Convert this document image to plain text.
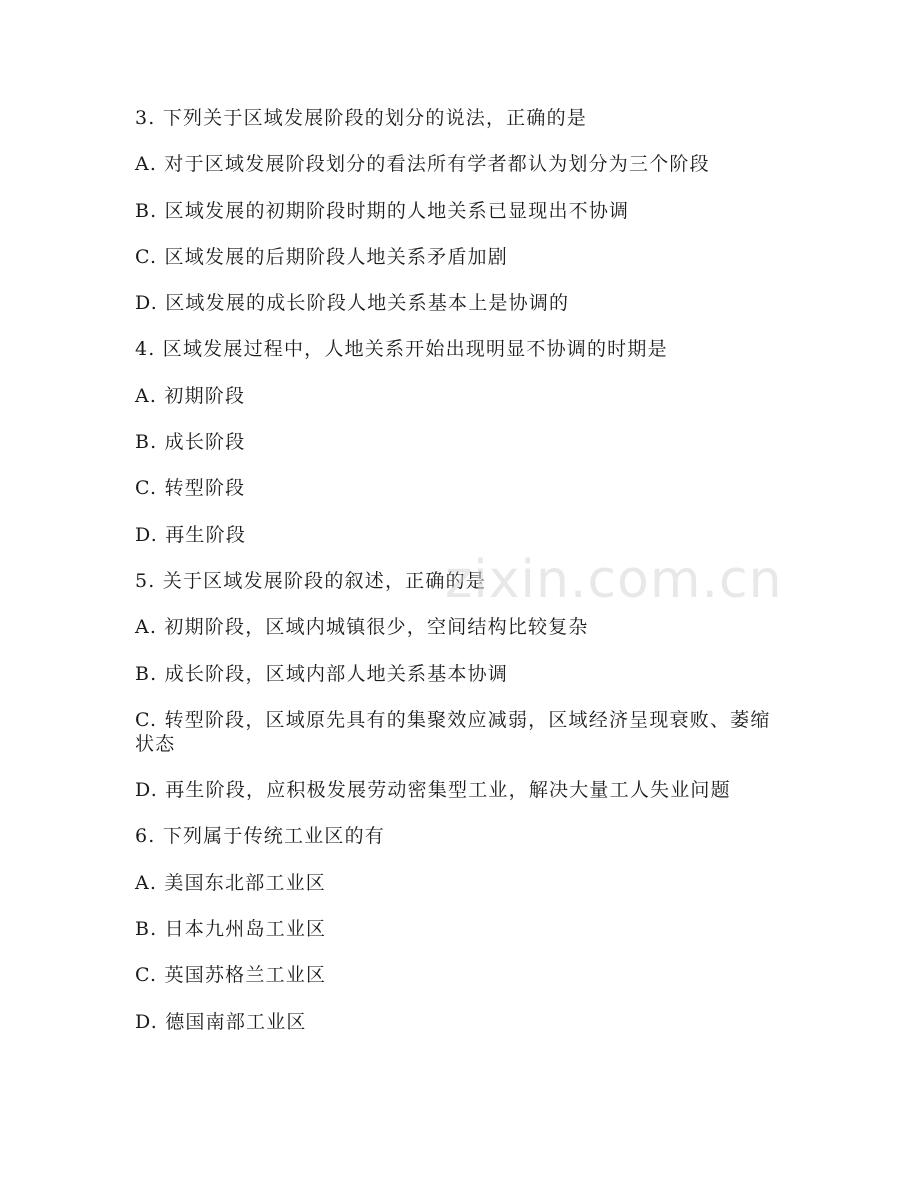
3. 下列关于区域发展阶段的划分的说法，正确的是
A. 对于区域发展阶段划分的看法所有学者都认为划分为三个阶段
B. 区域发展的初期阶段时期的人地关系已显现出不协调
C. 区域发展的后期阶段人地关系矛盾加剧
D. 区域发展的成长阶段人地关系基本上是协调的
4. 区域发展过程中，人地关系开始出现明显不协调的时期是
A. 初期阶段
B. 成长阶段
C. 转型阶段
D. 再生阶段
5. 关于区域发展阶段的叙述，正确的是
A. 初期阶段，区域内城镇很少，空间结构比较复杂
B. 成长阶段，区域内部人地关系基本协调
C. 转型阶段，区域原先具有的集聚效应减弱，区域经济呈现衰败、萎缩状态
D. 再生阶段，应积极发展劳动密集型工业，解决大量工人失业问题
6. 下列属于传统工业区的有
A. 美国东北部工业区
B. 日本九州岛工业区
C. 英国苏格兰工业区
D. 德国南部工业区
zixin.com.cn
